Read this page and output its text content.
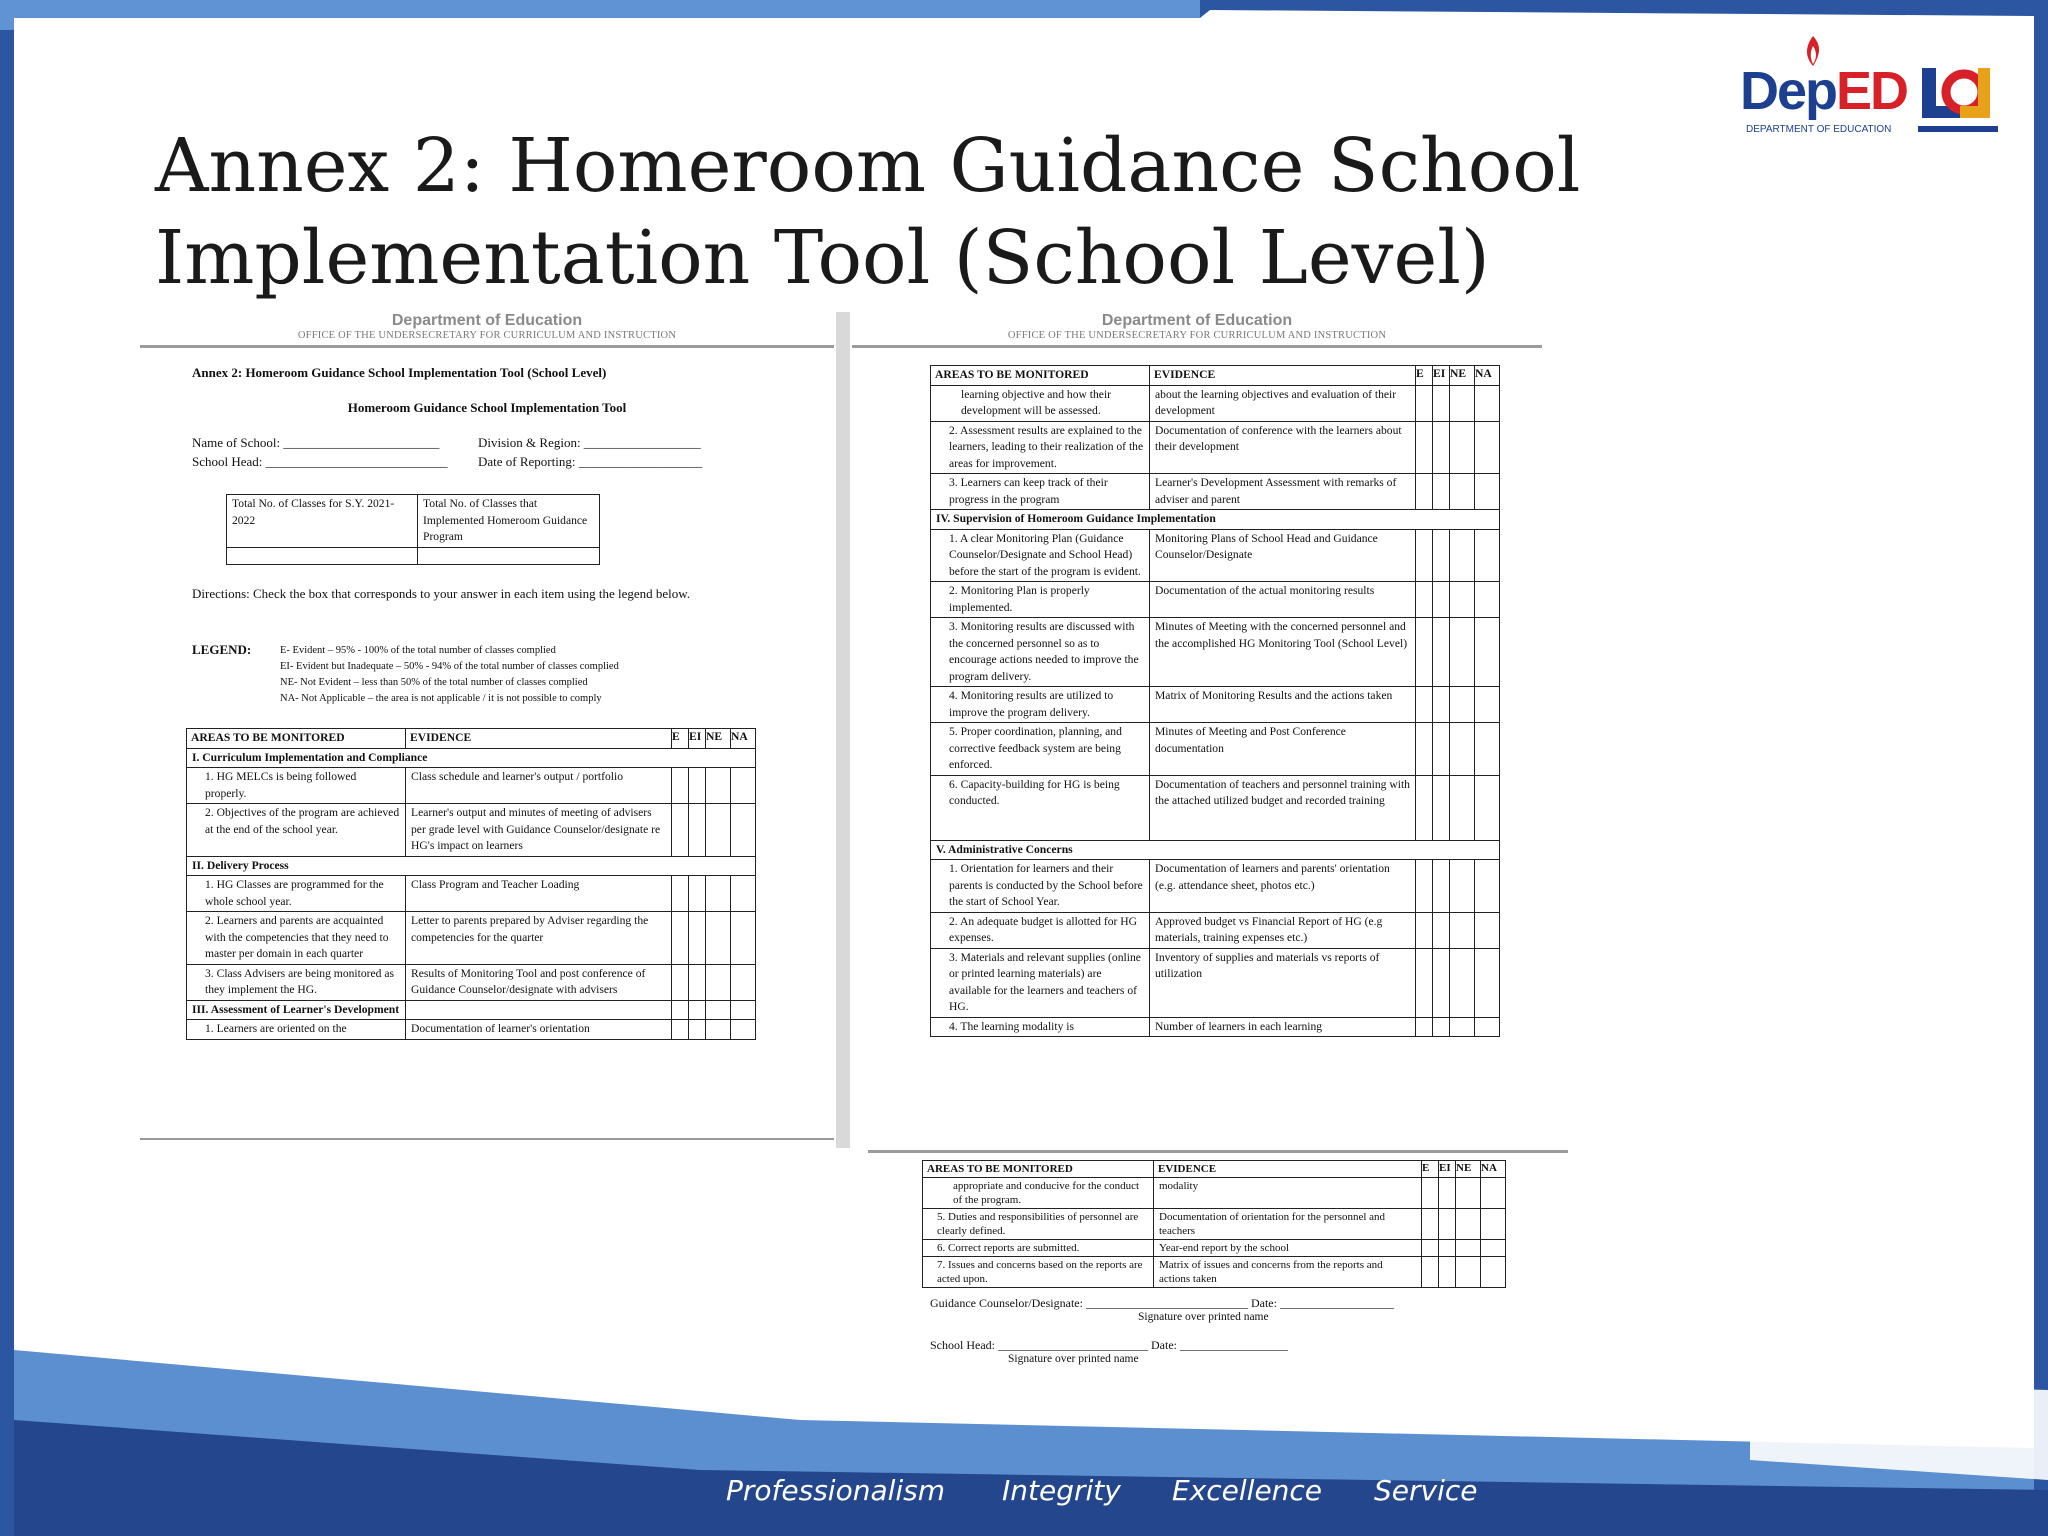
Annex 2: Homeroom Guidance School
Implementation Tool (School Level)
DepED
DEPARTMENT OF EDUCATION
Department of Education
OFFICE OF THE UNDERSECRETARY FOR CURRICULUM AND INSTRUCTION
Annex 2: Homeroom Guidance School Implementation Tool (School Level)
Homeroom Guidance School Implementation Tool
Name of School: ________________________	Division & Region: __________________
School Head: ____________________________ Date of Reporting: ___________________
Total No. of Classes for S.Y. 2021-2022	Total No. of Classes that Implemented Homeroom Guidance Program

Directions: Check the box that corresponds to your answer in each item using the legend below.
LEGEND:	E- Evident – 95% - 100% of the total number of classes complied
EI- Evident but Inadequate – 50% - 94% of the total number of classes complied
NE- Not Evident – less than 50% of the total number of classes complied
NA- Not Applicable – the area is not applicable / it is not possible to comply
AREAS TO BE MONITORED	EVIDENCE	E	EI	NE	NA
I. Curriculum Implementation and Compliance					
1. HG MELCs is being followed properly.	Class schedule and learner's output / portfolio				
2. Objectives of the program are achieved at the end of the school year.	Learner's output and minutes of meeting of advisers per grade level with Guidance Counselor/designate re HG's impact on learners				
II. Delivery Process					
1. HG Classes are programmed for the whole school year.	Class Program and Teacher Loading				
2. Learners and parents are acquainted with the competencies that they need to master per domain in each quarter	Letter to parents prepared by Adviser regarding the competencies for the quarter				
3. Class Advisers are being monitored as they implement the HG.	Results of Monitoring Tool and post conference of Guidance Counselor/designate with advisers				
III. Assessment of Learner's Development					
1. Learners are oriented on the	Documentation of learner's orientation				
Department of Education
OFFICE OF THE UNDERSECRETARY FOR CURRICULUM AND INSTRUCTION
AREAS TO BE MONITORED	EVIDENCE	E	EI	NE	NA
learning objective and how their development will be assessed.	about the learning objectives and evaluation of their development				
2. Assessment results are explained to the learners, leading to their realization of the areas for improvement.	Documentation of conference with the learners about their development				
3. Learners can keep track of their progress in the program	Learner's Development Assessment with remarks of adviser and parent				
IV. Supervision of Homeroom Guidance Implementation					
1. A clear Monitoring Plan (Guidance Counselor/Designate and School Head) before the start of the program is evident.	Monitoring Plans of School Head and Guidance Counselor/Designate				
2. Monitoring Plan is properly implemented.	Documentation of the actual monitoring results				
3. Monitoring results are discussed with the concerned personnel so as to encourage actions needed to improve the program delivery.	Minutes of Meeting with the concerned personnel and the accomplished HG Monitoring Tool (School Level)				
4. Monitoring results are utilized to improve the program delivery.	Matrix of Monitoring Results and the actions taken				
5. Proper coordination, planning, and corrective feedback system are being enforced.	Minutes of Meeting and Post Conference documentation				
6. Capacity-building for HG is being conducted.	Documentation of teachers and personnel training with the attached utilized budget and recorded training				
V. Administrative Concerns					
1. Orientation for learners and their parents is conducted by the School before the start of School Year.	Documentation of learners and parents' orientation (e.g. attendance sheet, photos etc.)				
2. An adequate budget is allotted for HG expenses.	Approved budget vs Financial Report of HG (e.g materials, training expenses etc.)				
3. Materials and relevant supplies (online or printed learning materials) are available for the learners and teachers of HG.	Inventory of supplies and materials vs reports of utilization				
4. The learning modality is	Number of learners in each learning				
AREAS TO BE MONITORED	EVIDENCE	E	EI	NE	NA
appropriate and conducive for the conduct of the program.	modality				
5. Duties and responsibilities of personnel are clearly defined.	Documentation of orientation for the personnel and teachers				
6. Correct reports are submitted.	Year-end report by the school				
7. Issues and concerns based on the reports are acted upon.	Matrix of issues and concerns from the reports and actions taken				
Guidance Counselor/Designate: ___________________________ Date: ___________________
Signature over printed name
School Head: _________________________ Date: __________________
Signature over printed name
Professionalism Integrity Excellence Service
